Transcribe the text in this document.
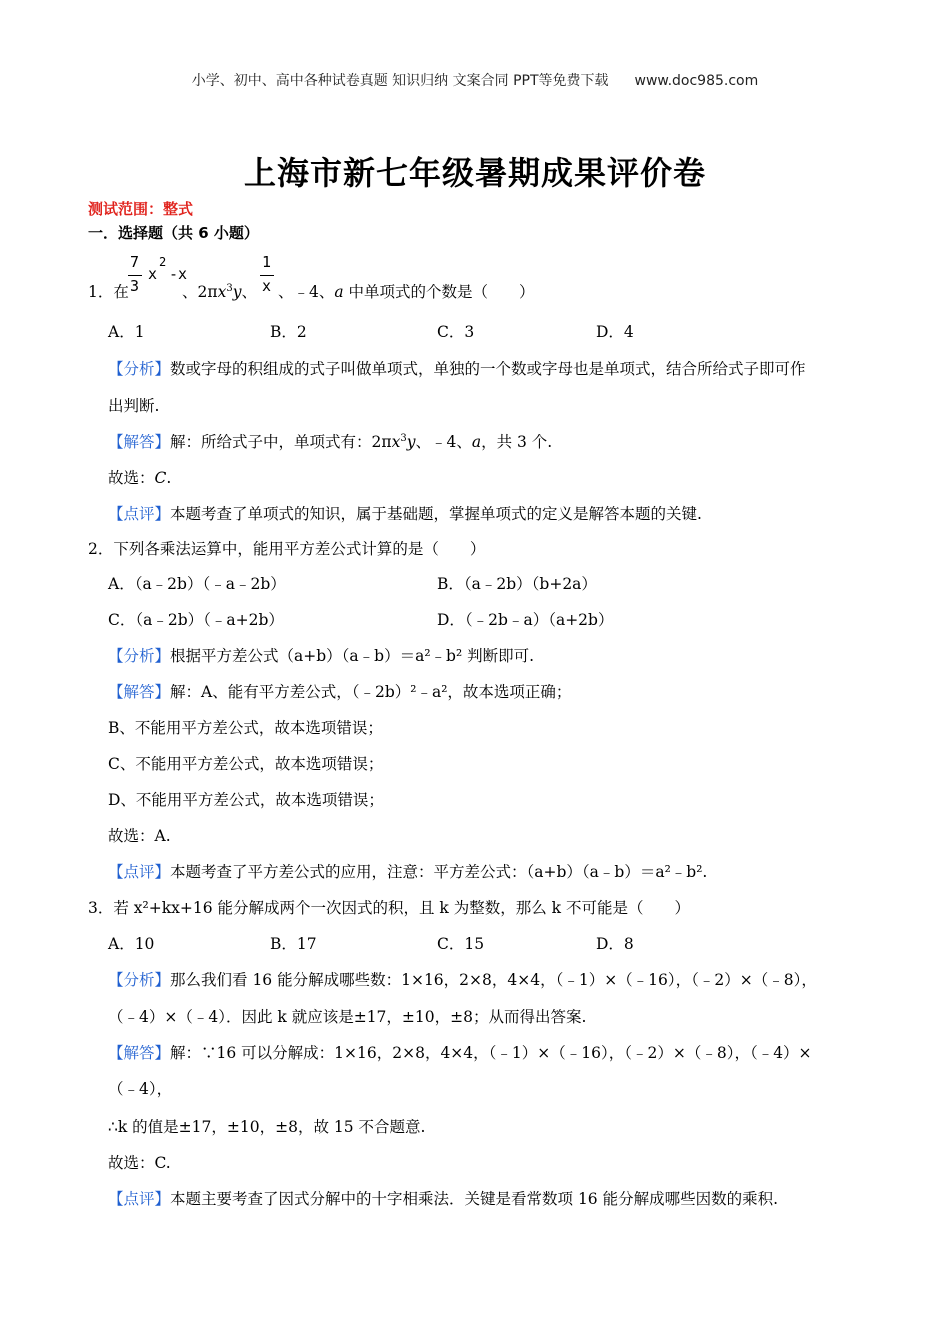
小学、初中、高中各种试卷真题 知识归纳 文案合同 PPT等免费下载 www.doc985.com
上海市新七年级暑期成果评价卷
测试范围：整式
一．选择题（共 6 小题）
1．在
7
3
x
2
-x
、$2\pi x^3y$、
1
x 、﹣4、a 中单项式的个数是（　　）
A．1	B．2	C．3	D．4
【分析】数或字母的积组成的式子叫做单项式，单独的一个数或字母也是单项式，结合所给式子即可作
出判断.
【解答】解：所给式子中，单项式有：$2\pi x^3y$、﹣4、a，共 3 个.
故选：C.
【点评】本题考查了单项式的知识，属于基础题，掌握单项式的定义是解答本题的关键.
2．下列各乘法运算中，能用平方差公式计算的是（　　）
A．（a﹣2b）（﹣a﹣2b）	B．（a﹣2b）（b+2a）
C．（a﹣2b）（﹣a+2b）	D．（﹣2b﹣a）（a+2b）
【分析】根据平方差公式（a+b）（a﹣b）＝a²﹣b² 判断即可.
【解答】解：A、能有平方差公式，（﹣2b）²﹣a²，故本选项正确；
B、不能用平方差公式，故本选项错误；
C、不能用平方差公式，故本选项错误；
D、不能用平方差公式，故本选项错误；
故选：A.
【点评】本题考查了平方差公式的应用，注意：平方差公式：（a+b）（a﹣b）＝a²﹣b².
3．若 x²+kx+16 能分解成两个一次因式的积，且 k 为整数，那么 k 不可能是（　　）
A．10	B．17	C．15	D．8
【分析】那么我们看 16 能分解成哪些数：1×16，2×8，4×4，（﹣1）×（﹣16），（﹣2）×（﹣8），
（﹣4）×（﹣4）．因此 k 就应该是±17，±10，±8；从而得出答案.
【解答】解：∵16 可以分解成：1×16，2×8，4×4，（﹣1）×（﹣16），（﹣2）×（﹣8），（﹣4）×
（﹣4），
∴k 的值是±17，±10，±8，故 15 不合题意.
故选：C.
【点评】本题主要考查了因式分解中的十字相乘法．关键是看常数项 16 能分解成哪些因数的乘积.
